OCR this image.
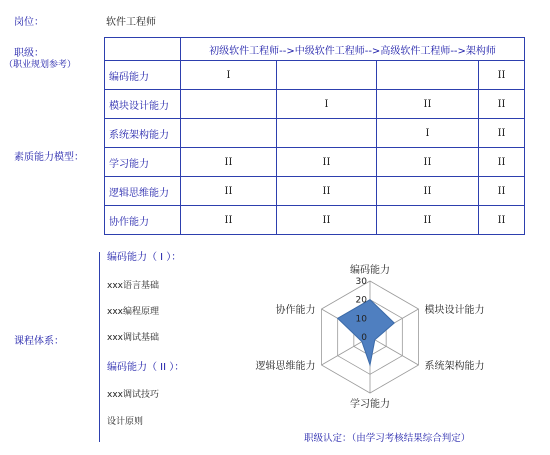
岗位：	软件工程师
职级：
（职业规划参考）
素质能力模型：
课程体系：
	初级软件工程师-->中级软件工程师-->高级软件工程师-->架构师			
编码能力	I			II
模块设计能力		I	II	II
系统架构能力			I	II
学习能力	II	II	II	II
逻辑思维能力	II	II	II	II
协作能力	II	II	II	II
编码能力（ I ）：
xxx语言基础
xxx编程原理
xxx调试基础
编码能力（ II ）：
xxx调试技巧
设计原则
0
10
20
30
编码能力
模块设计能力
系统架构能力
学习能力
逻辑思维能力
协作能力
职级认定：（由学习考核结果综合判定）
